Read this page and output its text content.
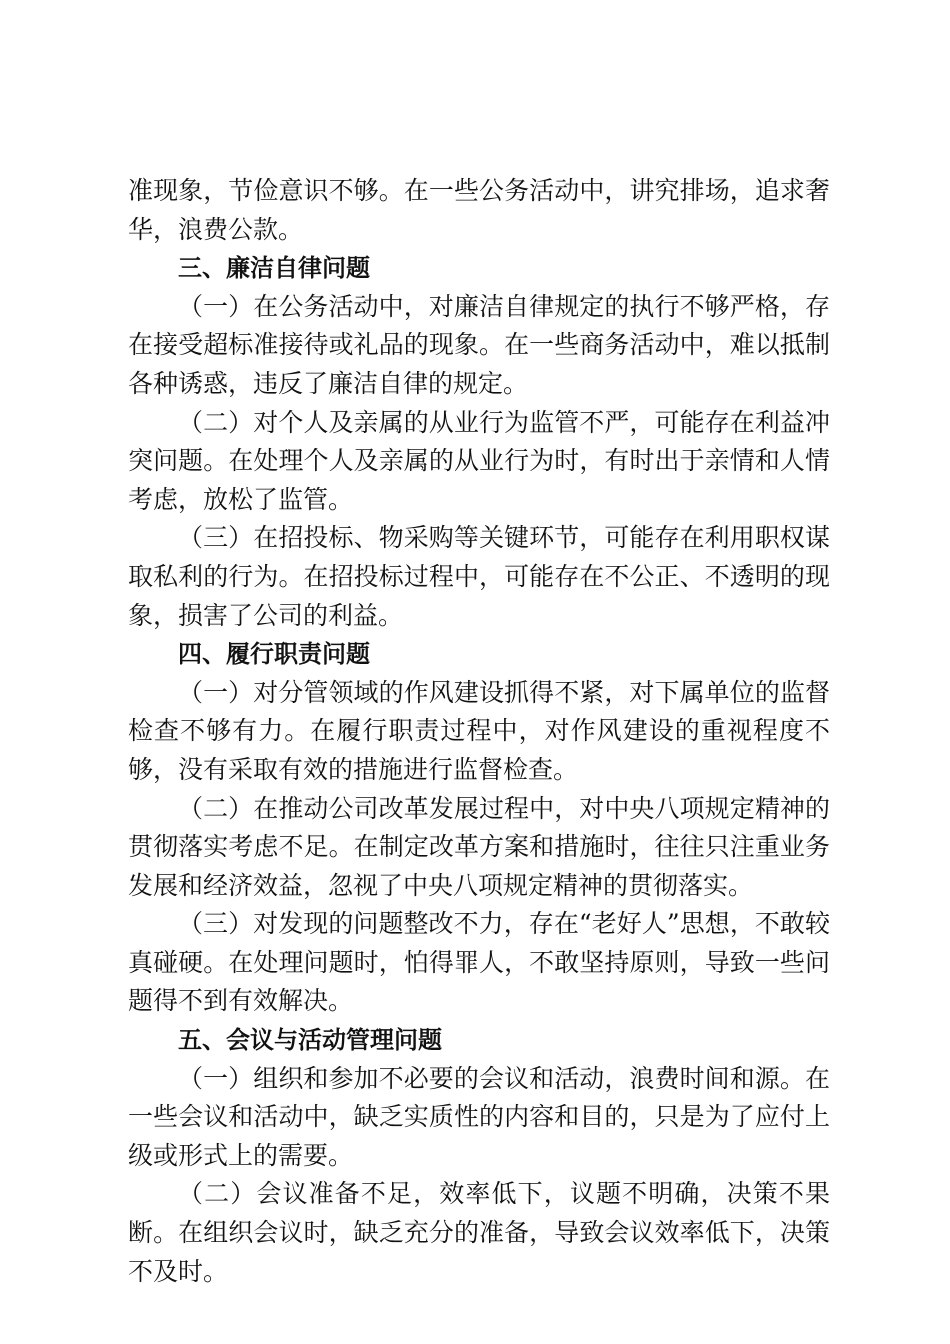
准现象，节俭意识不够。在一些公务活动中，讲究排场，追求奢华，浪费公款。

三、廉洁自律问题

（一）在公务活动中，对廉洁自律规定的执行不够严格，存在接受超标准接待或礼品的现象。在一些商务活动中，难以抵制各种诱惑，违反了廉洁自律的规定。

（二）对个人及亲属的从业行为监管不严，可能存在利益冲突问题。在处理个人及亲属的从业行为时，有时出于亲情和人情考虑，放松了监管。

（三）在招投标、物采购等关键环节，可能存在利用职权谋取私利的行为。在招投标过程中，可能存在不公正、不透明的现象，损害了公司的利益。

四、履行职责问题

（一）对分管领域的作风建设抓得不紧，对下属单位的监督检查不够有力。在履行职责过程中，对作风建设的重视程度不够，没有采取有效的措施进行监督检查。

（二）在推动公司改革发展过程中，对中央八项规定精神的贯彻落实考虑不足。在制定改革方案和措施时，往往只注重业务发展和经济效益，忽视了中央八项规定精神的贯彻落实。

（三）对发现的问题整改不力，存在“老好人”思想，不敢较真碰硬。在处理问题时，怕得罪人，不敢坚持原则，导致一些问题得不到有效解决。

五、会议与活动管理问题

（一）组织和参加不必要的会议和活动，浪费时间和源。在一些会议和活动中，缺乏实质性的内容和目的，只是为了应付上级或形式上的需要。

（二）会议准备不足，效率低下，议题不明确，决策不果断。在组织会议时，缺乏充分的准备，导致会议效率低下，决策不及时。
